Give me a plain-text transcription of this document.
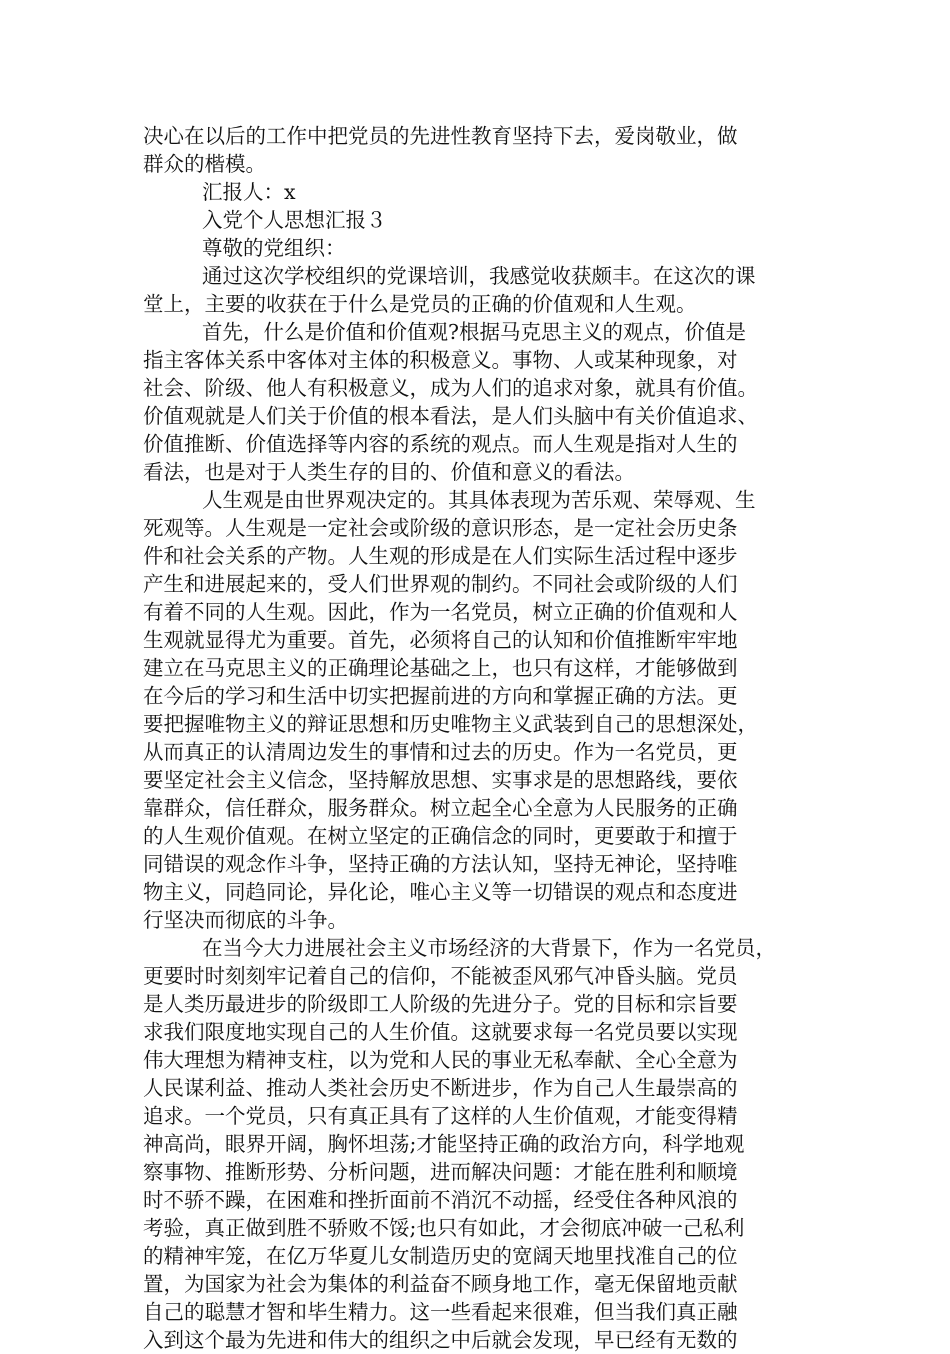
决心在以后的工作中把党员的先进性教育坚持下去，爱岗敬业，做
群众的楷模。
汇报人：x
入党个人思想汇报３
尊敬的党组织：
通过这次学校组织的党课培训，我感觉收获颇丰。在这次的课
堂上，主要的收获在于什么是党员的正确的价值观和人生观。
首先，什么是价值和价值观?根据马克思主义的观点，价值是
指主客体关系中客体对主体的积极意义。事物、人或某种现象，对
社会、阶级、他人有积极意义，成为人们的追求对象，就具有价值。
价值观就是人们关于价值的根本看法，是人们头脑中有关价值追求、
价值推断、价值选择等内容的系统的观点。而人生观是指对人生的
看法，也是对于人类生存的目的、价值和意义的看法。
人生观是由世界观决定的。其具体表现为苦乐观、荣辱观、生
死观等。人生观是一定社会或阶级的意识形态，是一定社会历史条
件和社会关系的产物。人生观的形成是在人们实际生活过程中逐步
产生和进展起来的，受人们世界观的制约。不同社会或阶级的人们
有着不同的人生观。因此，作为一名党员，树立正确的价值观和人
生观就显得尤为重要。首先，必须将自己的认知和价值推断牢牢地
建立在马克思主义的正确理论基础之上，也只有这样，才能够做到
在今后的学习和生活中切实把握前进的方向和掌握正确的方法。更
要把握唯物主义的辩证思想和历史唯物主义武装到自己的思想深处，
从而真正的认清周边发生的事情和过去的历史。作为一名党员，更
要坚定社会主义信念，坚持解放思想、实事求是的思想路线，要依
靠群众，信任群众，服务群众。树立起全心全意为人民服务的正确
的人生观价值观。在树立坚定的正确信念的同时，更要敢于和擅于
同错误的观念作斗争，坚持正确的方法认知，坚持无神论，坚持唯
物主义，同趋同论，异化论，唯心主义等一切错误的观点和态度进
行坚决而彻底的斗争。
在当今大力进展社会主义市场经济的大背景下，作为一名党员，
更要时时刻刻牢记着自己的信仰，不能被歪风邪气冲昏头脑。党员
是人类历最进步的阶级即工人阶级的先进分子。党的目标和宗旨要
求我们限度地实现自己的人生价值。这就要求每一名党员要以实现
伟大理想为精神支柱，以为党和人民的事业无私奉献、全心全意为
人民谋利益、推动人类社会历史不断进步，作为自己人生最崇高的
追求。一个党员，只有真正具有了这样的人生价值观，才能变得精
神高尚，眼界开阔，胸怀坦荡;才能坚持正确的政治方向，科学地观
察事物、推断形势、分析问题，进而解决问题：才能在胜利和顺境
时不骄不躁，在困难和挫折面前不消沉不动摇，经受住各种风浪的
考验，真正做到胜不骄败不馁;也只有如此，才会彻底冲破一己私利
的精神牢笼，在亿万华夏儿女制造历史的宽阔天地里找准自己的位
置，为国家为社会为集体的利益奋不顾身地工作，毫无保留地贡献
自己的聪慧才智和毕生精力。这一些看起来很难，但当我们真正融
入到这个最为先进和伟大的组织之中后就会发现，早已经有无数的
